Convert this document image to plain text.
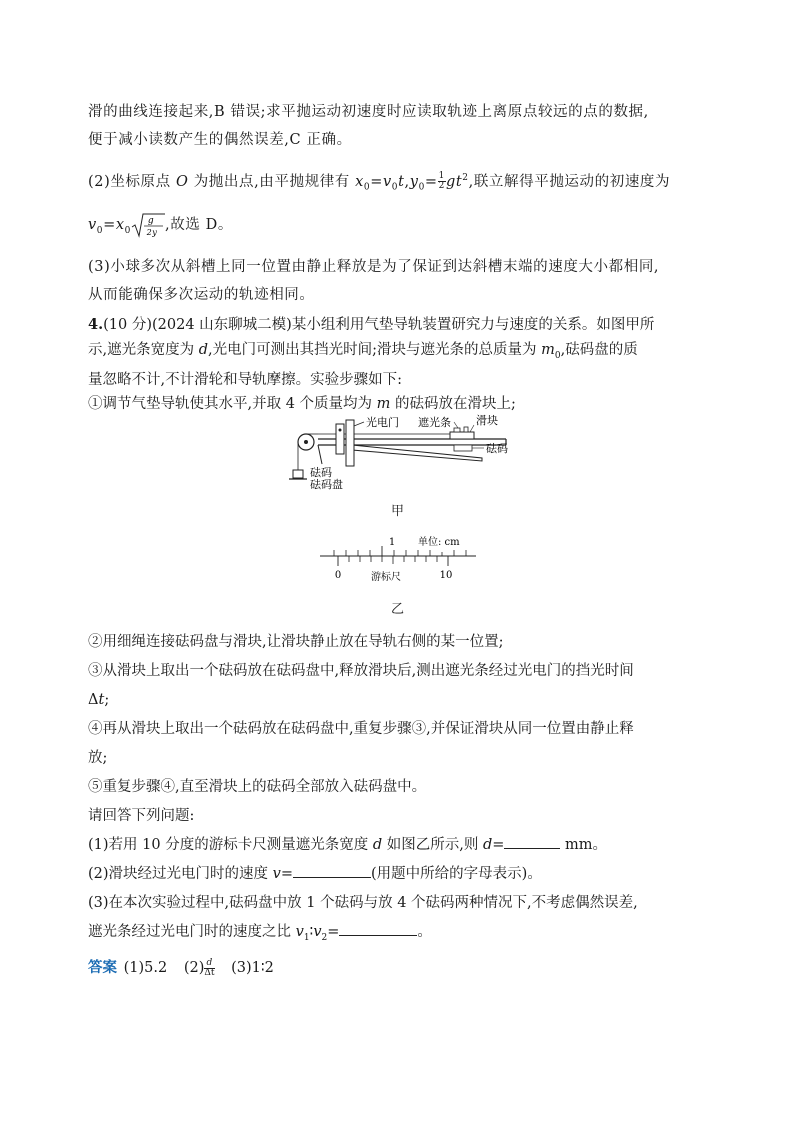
滑的曲线连接起来,B 错误;求平抛运动初速度时应读取轨迹上离原点较远的点的数据,
便于减小读数产生的偶然误差,C 正确。
(2)坐标原点 O 为抛出点,由平抛规律有 $x_0=v_0t,y_0= \frac{1}{2} gt^2$,联立解得平抛运动的初速度为
$v_0=x_0$
g
2y ,故选 D。
(3)小球多次从斜槽上同一位置由静止释放是为了保证到达斜槽末端的速度大小都相同,
从而能确保多次运动的轨迹相同。
4.(10 分)(2024 山东聊城二模)某小组利用气垫导轨装置研究力与速度的关系。如图甲所
示,遮光条宽度为 d,光电门可测出其挡光时间;滑块与遮光条的总质量为 $m_0$,砝码盘的质
量忽略不计,不计滑轮和导轨摩擦。实验步骤如下:
①调节气垫导轨使其水平,并取 4 个质量均为 m 的砝码放在滑块上;
光电门 遮光条 滑块
砝码
砝码
砝码盘
甲
1 单位: cm
0	游标尺	10
乙
②用细绳连接砝码盘与滑块,让滑块静止放在导轨右侧的某一位置;
③从滑块上取出一个砝码放在砝码盘中,释放滑块后,测出遮光条经过光电门的挡光时间
Δt;
④再从滑块上取出一个砝码放在砝码盘中,重复步骤③,并保证滑块从同一位置由静止释
放;
⑤重复步骤④,直至滑块上的砝码全部放入砝码盘中。
请回答下列问题:
(1)若用 10 分度的游标卡尺测量遮光条宽度 d 如图乙所示,则 d=	mm。
(2)滑块经过光电门时的速度 v=	(用题中所给的字母表示)。
(3)在本次实验过程中,砝码盘中放 1 个砝码与放 4 个砝码两种情况下,不考虑偶然误差,
遮光条经过光电门时的速度之比 $v_1∶v_2=$	。
答案 (1)5.2 $(2) \frac{d}{\Delta t}$ (3)1∶2
